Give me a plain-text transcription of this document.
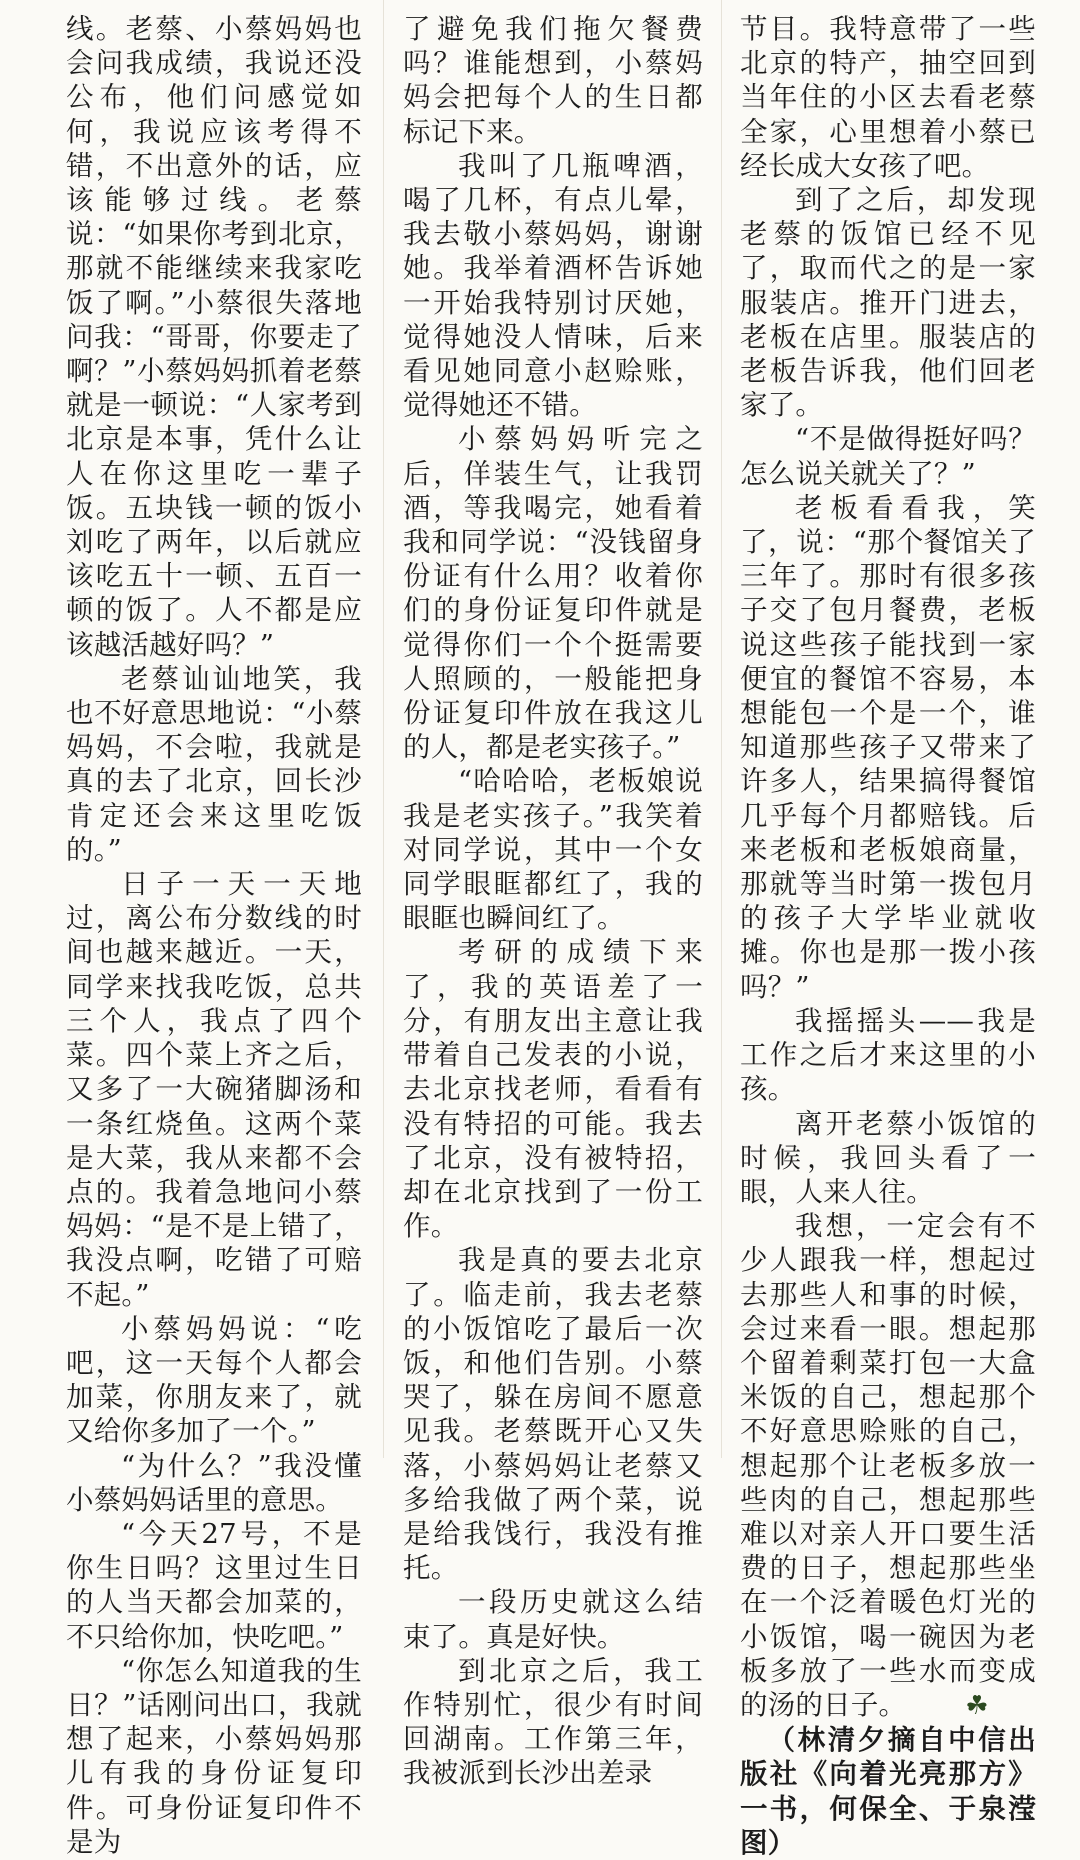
线。老蔡、小蔡妈妈也会问我成绩，我说还没公布，他们问感觉如何，我说应该考得不错，不出意外的话，应该能够过线。老蔡说：“如果你考到北京，那就不能继续来我家吃饭了啊。”小蔡很失落地问我：“哥哥，你要走了啊？”小蔡妈妈抓着老蔡就是一顿说：“人家考到北京是本事，凭什么让人在你这里吃一辈子饭。五块钱一顿的饭小刘吃了两年，以后就应该吃五十一顿、五百一顿的饭了。人不都是应该越活越好吗？”

老蔡讪讪地笑，我也不好意思地说：“小蔡妈妈，不会啦，我就是真的去了北京，回长沙肯定还会来这里吃饭的。”

日子一天一天地过，离公布分数线的时间也越来越近。一天，同学来找我吃饭，总共三个人，我点了四个菜。四个菜上齐之后，又多了一大碗猪脚汤和一条红烧鱼。这两个菜是大菜，我从来都不会点的。我着急地问小蔡妈妈：“是不是上错了，我没点啊，吃错了可赔不起。”

小蔡妈妈说：“吃吧，这一天每个人都会加菜，你朋友来了，就又给你多加了一个。”

“为什么？”我没懂小蔡妈妈话里的意思。

“今天27号，不是你生日吗？这里过生日的人当天都会加菜的，不只给你加，快吃吧。”

“你怎么知道我的生日？”话刚问出口，我就想了起来，小蔡妈妈那儿有我的身份证复印件。可身份证复印件不是为

了避免我们拖欠餐费吗？谁能想到，小蔡妈妈会把每个人的生日都标记下来。

我叫了几瓶啤酒，喝了几杯，有点儿晕，我去敬小蔡妈妈，谢谢她。我举着酒杯告诉她一开始我特别讨厌她，觉得她没人情味，后来看见她同意小赵赊账，觉得她还不错。

小蔡妈妈听完之后，佯装生气，让我罚酒，等我喝完，她看着我和同学说：“没钱留身份证有什么用？收着你们的身份证复印件就是觉得你们一个个挺需要人照顾的，一般能把身份证复印件放在我这儿的人，都是老实孩子。”

“哈哈哈，老板娘说我是老实孩子。”我笑着对同学说，其中一个女同学眼眶都红了，我的眼眶也瞬间红了。

考研的成绩下来了，我的英语差了一分，有朋友出主意让我带着自己发表的小说，去北京找老师，看看有没有特招的可能。我去了北京，没有被特招，却在北京找到了一份工作。

我是真的要去北京了。临走前，我去老蔡的小饭馆吃了最后一次饭，和他们告别。小蔡哭了，躲在房间不愿意见我。老蔡既开心又失落，小蔡妈妈让老蔡又多给我做了两个菜，说是给我饯行，我没有推托。

一段历史就这么结束了。真是好快。

到北京之后，我工作特别忙，很少有时间回湖南。工作第三年，我被派到长沙出差录

节目。我特意带了一些北京的特产，抽空回到当年住的小区去看老蔡全家，心里想着小蔡已经长成大女孩了吧。

到了之后，却发现老蔡的饭馆已经不见了，取而代之的是一家服装店。推开门进去，老板在店里。服装店的老板告诉我，他们回老家了。

“不是做得挺好吗？怎么说关就关了？”

老板看看我，笑了，说：“那个餐馆关了三年了。那时有很多孩子交了包月餐费，老板说这些孩子能找到一家便宜的餐馆不容易，本想能包一个是一个，谁知道那些孩子又带来了许多人，结果搞得餐馆几乎每个月都赔钱。后来老板和老板娘商量，那就等当时第一拨包月的孩子大学毕业就收摊。你也是那一拨小孩吗？”

我摇摇头——我是工作之后才来这里的小孩。

离开老蔡小饭馆的时候，我回头看了一眼，人来人往。

我想，一定会有不少人跟我一样，想起过去那些人和事的时候，会过来看一眼。想起那个留着剩菜打包一大盒米饭的自己，想起那个不好意思赊账的自己，想起那个让老板多放一些肉的自己，想起那些难以对亲人开口要生活费的日子，想起那些坐在一个泛着暖色灯光的小饭馆，喝一碗因为老板多放了一些水而变成的汤的日子。 ☘

（林清夕摘自中信出版社《向着光亮那方》一书，何保全、于泉滢图）
